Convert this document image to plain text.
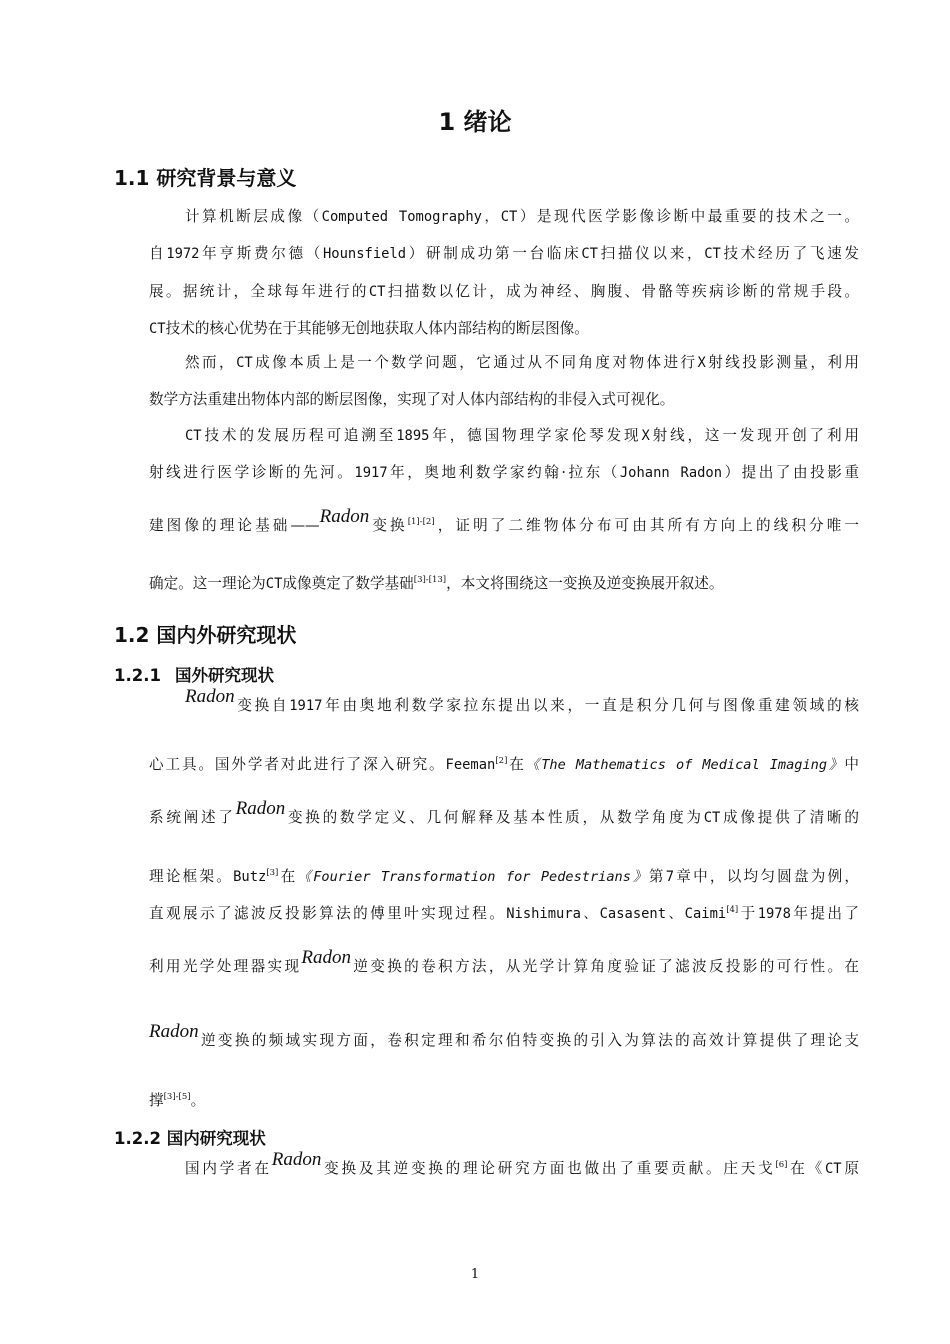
1 绪论
1.1 研究背景与意义
计算机断层成像（Computed Tomography，CT）是现代医学影像诊断中最重要的技术之一。
自1972年亨斯费尔德（Hounsfield）研制成功第一台临床CT扫描仪以来，CT技术经历了飞速发
展。据统计，全球每年进行的CT扫描数以亿计，成为神经、胸腹、骨骼等疾病诊断的常规手段。
CT技术的核心优势在于其能够无创地获取人体内部结构的断层图像。
然而，CT成像本质上是一个数学问题，它通过从不同角度对物体进行X射线投影测量，利用
数学方法重建出物体内部的断层图像，实现了对人体内部结构的非侵入式可视化。
CT技术的发展历程可追溯至1895年，德国物理学家伦琴发现X射线，这一发现开创了利用
射线进行医学诊断的先河。1917年，奥地利数学家约翰·拉东（Johann Radon）提出了由投影重
建图像的理论基础——Radon变换[1]-[2]，证明了二维物体分布可由其所有方向上的线积分唯一
确定。这一理论为CT成像奠定了数学基础[3]-[13]，本文将围绕这一变换及逆变换展开叙述。
1.2 国内外研究现状
1.2.1 国外研究现状
Radon变换自1917年由奥地利数学家拉东提出以来，一直是积分几何与图像重建领域的核
心工具。国外学者对此进行了深入研究。Feeman[2]在《The Mathematics of Medical Imaging》中
系统阐述了Radon变换的数学定义、几何解释及基本性质，从数学角度为CT成像提供了清晰的
理论框架。Butz[3]在《Fourier Transformation for Pedestrians》第7章中，以均匀圆盘为例，
直观展示了滤波反投影算法的傅里叶实现过程。Nishimura、Casasent、Caimi[4]于1978年提出了
利用光学处理器实现Radon逆变换的卷积方法，从光学计算角度验证了滤波反投影的可行性。在
Radon逆变换的频域实现方面，卷积定理和希尔伯特变换的引入为算法的高效计算提供了理论支
撑[3]-[5]。
1.2.2 国内研究现状
国内学者在Radon变换及其逆变换的理论研究方面也做出了重要贡献。庄天戈[6]在《CT原
1
